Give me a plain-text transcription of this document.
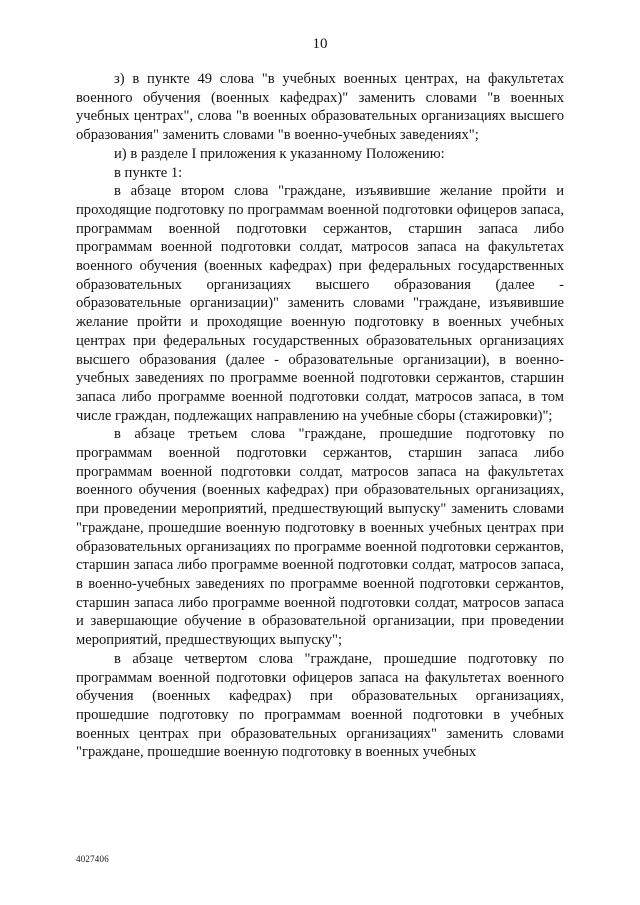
10

з) в пункте 49 слова "в учебных военных центрах, на факультетах военного обучения (военных кафедрах)" заменить словами "в военных учебных центрах", слова "в военных образовательных организациях высшего образования" заменить словами "в военно-учебных заведениях";

и) в разделе I приложения к указанному Положению:

в пункте 1:

в абзаце втором слова "граждане, изъявившие желание пройти и проходящие подготовку по программам военной подготовки офицеров запаса, программам военной подготовки сержантов, старшин запаса либо программам военной подготовки солдат, матросов запаса на факультетах военного обучения (военных кафедрах) при федеральных государственных образовательных организациях высшего образования (далее - образовательные организации)" заменить словами "граждане, изъявившие желание пройти и проходящие военную подготовку в военных учебных центрах при федеральных государственных образовательных организациях высшего образования (далее - образовательные организации), в военно-учебных заведениях по программе военной подготовки сержантов, старшин запаса либо программе военной подготовки солдат, матросов запаса, в том числе граждан, подлежащих направлению на учебные сборы (стажировки)";

в абзаце третьем слова "граждане, прошедшие подготовку по программам военной подготовки сержантов, старшин запаса либо программам военной подготовки солдат, матросов запаса на факультетах военного обучения (военных кафедрах) при образовательных организациях, при проведении мероприятий, предшествующий выпуску" заменить словами "граждане, прошедшие военную подготовку в военных учебных центрах при образовательных организациях по программе военной подготовки сержантов, старшин запаса либо программе военной подготовки солдат, матросов запаса, в военно-учебных заведениях по программе военной подготовки сержантов, старшин запаса либо программе военной подготовки солдат, матросов запаса и завершающие обучение в образовательной организации, при проведении мероприятий, предшествующих выпуску";

в абзаце четвертом слова "граждане, прошедшие подготовку по программам военной подготовки офицеров запаса на факультетах военного обучения (военных кафедрах) при образовательных организациях, прошедшие подготовку по программам военной подготовки в учебных военных центрах при образовательных организациях" заменить словами "граждане, прошедшие военную подготовку в военных учебных

4027406
